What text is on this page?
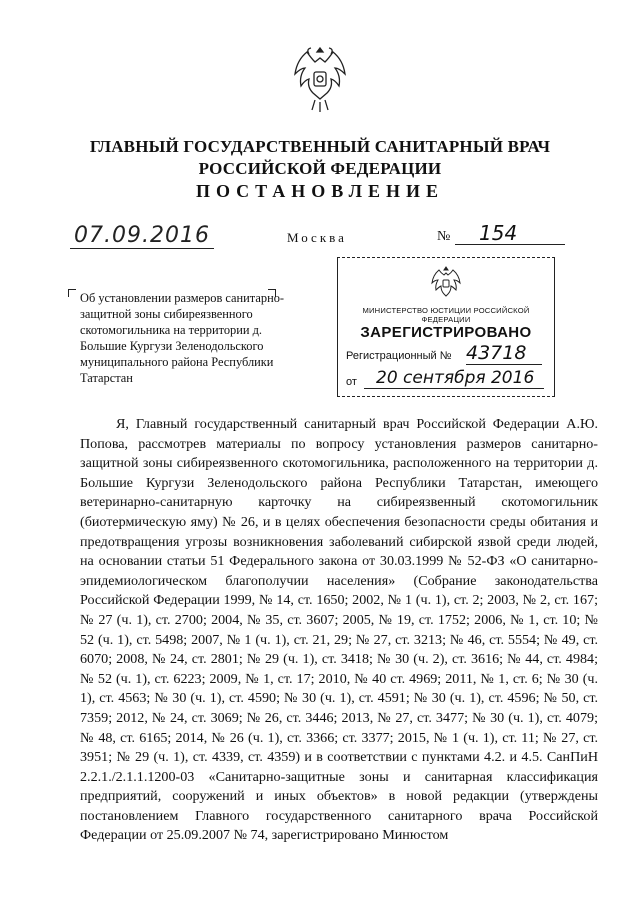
ГЛАВНЫЙ ГОСУДАРСТВЕННЫЙ САНИТАРНЫЙ ВРАЧ
РОССИЙСКОЙ ФЕДЕРАЦИИ
ПОСТАНОВЛЕНИЕ
07.09.2016	Москва	№	154
Об установлении размеров санитарно-защитной зоны сибиреязвенного скотомогильника на территории д. Большие Кургузи Зеленодольского муниципального района Республики Татарстан
МИНИСТЕРСТВО ЮСТИЦИИ РОССИЙСКОЙ ФЕДЕРАЦИИ
ЗАРЕГИСТРИРОВАНО
Регистрационный № 43718
от	20 сентября 2016

Я, Главный государственный санитарный врач Российской Федерации А.Ю. Попова, рассмотрев материалы по вопросу установления размеров санитарно-защитной зоны сибиреязвенного скотомогильника, расположенного на территории д. Большие Кургузи Зеленодольского района Республики Татарстан, имеющего ветеринарно-санитарную карточку на сибиреязвенный скотомогильник (биотермическую яму) № 26, и в целях обеспечения безопасности среды обитания и предотвращения угрозы возникновения заболеваний сибирской язвой среди людей, на основании статьи 51 Федерального закона от 30.03.1999 № 52-ФЗ «О санитарно-эпидемиологическом благополучии населения» (Собрание законодательства Российской Федерации 1999, № 14, ст. 1650; 2002, № 1 (ч. 1), ст. 2; 2003, № 2, ст. 167; № 27 (ч. 1), ст. 2700; 2004, № 35, ст. 3607; 2005, № 19, ст. 1752; 2006, № 1, ст. 10; № 52 (ч. 1), ст. 5498; 2007, № 1 (ч. 1), ст. 21, 29; № 27, ст. 3213; № 46, ст. 5554; № 49, ст. 6070; 2008, № 24, ст. 2801; № 29 (ч. 1), ст. 3418; № 30 (ч. 2), ст. 3616; № 44, ст. 4984; № 52 (ч. 1), ст. 6223; 2009, № 1, ст. 17; 2010, № 40 ст. 4969; 2011, № 1, ст. 6; № 30 (ч. 1), ст. 4563; № 30 (ч. 1), ст. 4590; № 30 (ч. 1), ст. 4591; № 30 (ч. 1), ст. 4596; № 50, ст. 7359; 2012, № 24, ст. 3069; № 26, ст. 3446; 2013, № 27, ст. 3477; № 30 (ч. 1), ст. 4079; № 48, ст. 6165; 2014, № 26 (ч. 1), ст. 3366; ст. 3377; 2015, № 1 (ч. 1), ст. 11; № 27, ст. 3951; № 29 (ч. 1), ст. 4339, ст. 4359) и в соответствии с пунктами 4.2. и 4.5. СанПиН 2.2.1./2.1.1.1200-03 «Санитарно-защитные зоны и санитарная классификация предприятий, сооружений и иных объектов» в новой редакции (утверждены постановлением Главного государственного санитарного врача Российской Федерации от 25.09.2007 № 74, зарегистрировано Минюстом
